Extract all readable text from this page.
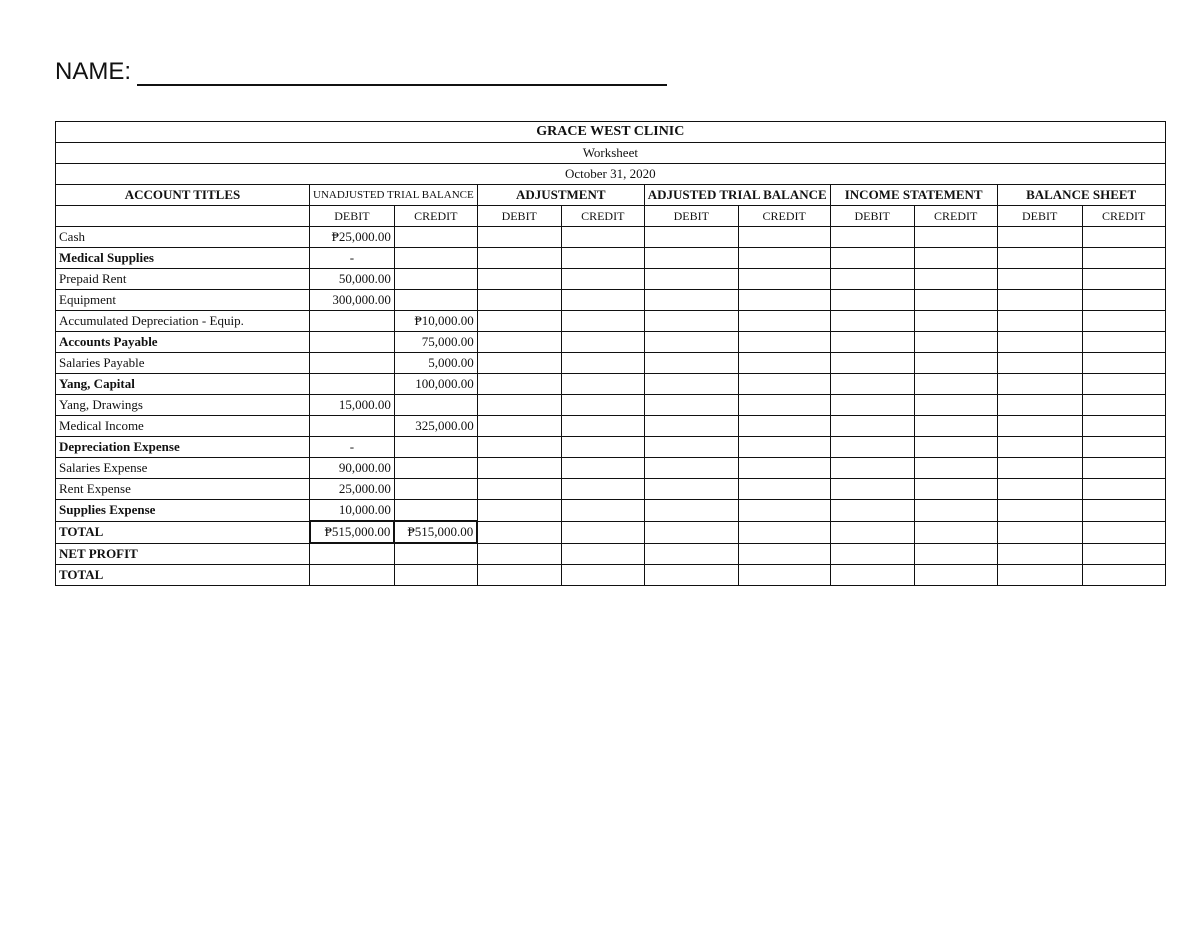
NAME:
GRACE WEST CLINIC										
Worksheet										
October 31, 2020										
ACCOUNT TITLES	UNADJUSTED TRIAL BALANCE		ADJUSTMENT		ADJUSTED TRIAL BALANCE		INCOME STATEMENT		BALANCE SHEET	
	DEBIT	CREDIT	DEBIT	CREDIT	DEBIT	CREDIT	DEBIT	CREDIT	DEBIT	CREDIT
Cash	₱25,000.00									
Medical Supplies	-									
Prepaid Rent	50,000.00									
Equipment	300,000.00									
Accumulated Depreciation - Equip.		₱10,000.00								
Accounts Payable		75,000.00								
Salaries Payable		5,000.00								
Yang, Capital		100,000.00								
Yang, Drawings	15,000.00									
Medical Income		325,000.00								
Depreciation Expense	-									
Salaries Expense	90,000.00									
Rent Expense	25,000.00									
Supplies Expense	10,000.00									
TOTAL	₱515,000.00	₱515,000.00								
NET PROFIT										
TOTAL										
